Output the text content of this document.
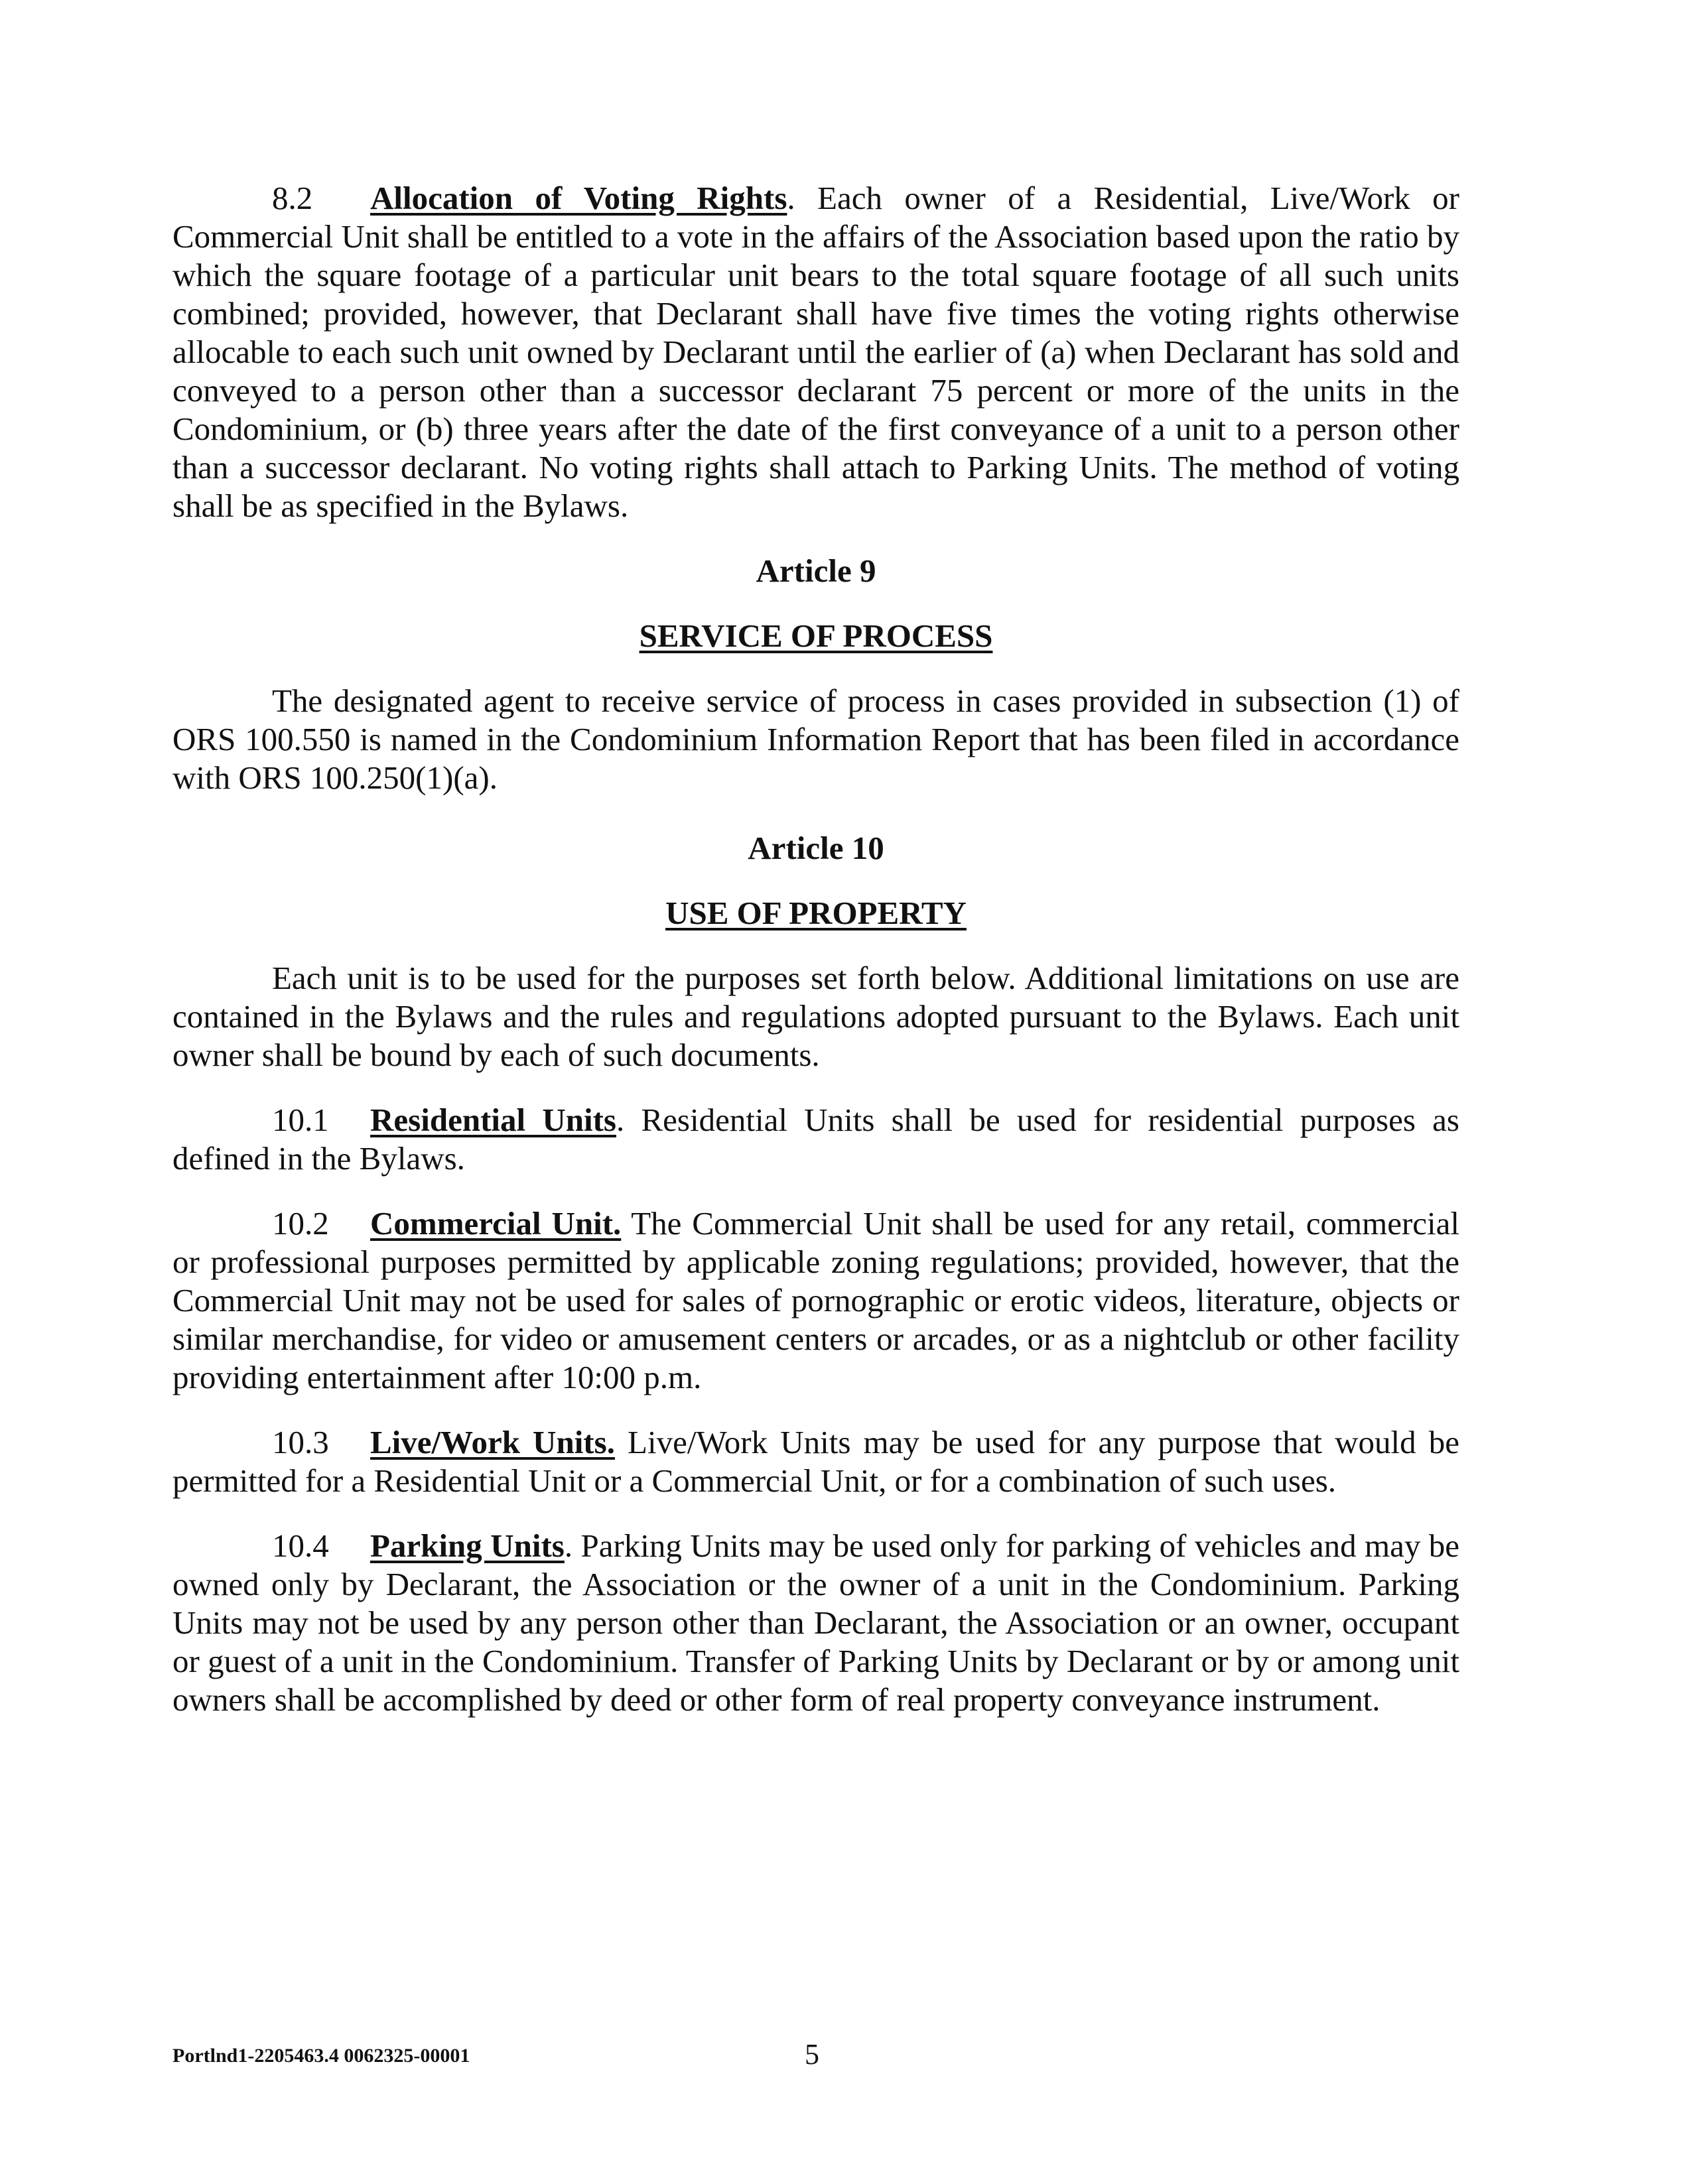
8.2 Allocation of Voting Rights. Each owner of a Residential, Live/Work or Commercial Unit shall be entitled to a vote in the affairs of the Association based upon the ratio by which the square footage of a particular unit bears to the total square footage of all such units combined; provided, however, that Declarant shall have five times the voting rights otherwise allocable to each such unit owned by Declarant until the earlier of (a) when Declarant has sold and conveyed to a person other than a successor declarant 75 percent or more of the units in the Condominium, or (b) three years after the date of the first conveyance of a unit to a person other than a successor declarant. No voting rights shall attach to Parking Units. The method of voting shall be as specified in the Bylaws.

Article 9

SERVICE OF PROCESS

The designated agent to receive service of process in cases provided in subsection (1) of ORS 100.550 is named in the Condominium Information Report that has been filed in accordance with ORS 100.250(1)(a).

Article 10

USE OF PROPERTY

Each unit is to be used for the purposes set forth below. Additional limitations on use are contained in the Bylaws and the rules and regulations adopted pursuant to the Bylaws. Each unit owner shall be bound by each of such documents.

10.1 Residential Units. Residential Units shall be used for residential purposes as defined in the Bylaws.

10.2 Commercial Unit. The Commercial Unit shall be used for any retail, commercial or professional purposes permitted by applicable zoning regulations; provided, however, that the Commercial Unit may not be used for sales of pornographic or erotic videos, literature, objects or similar merchandise, for video or amusement centers or arcades, or as a nightclub or other facility providing entertainment after 10:00 p.m.

10.3 Live/Work Units. Live/Work Units may be used for any purpose that would be permitted for a Residential Unit or a Commercial Unit, or for a combination of such uses.

10.4 Parking Units. Parking Units may be used only for parking of vehicles and may be owned only by Declarant, the Association or the owner of a unit in the Condominium. Parking Units may not be used by any person other than Declarant, the Association or an owner, occupant or guest of a unit in the Condominium. Transfer of Parking Units by Declarant or by or among unit owners shall be accomplished by deed or other form of real property conveyance instrument.

Portlnd1-2205463.4 0062325-00001	5
